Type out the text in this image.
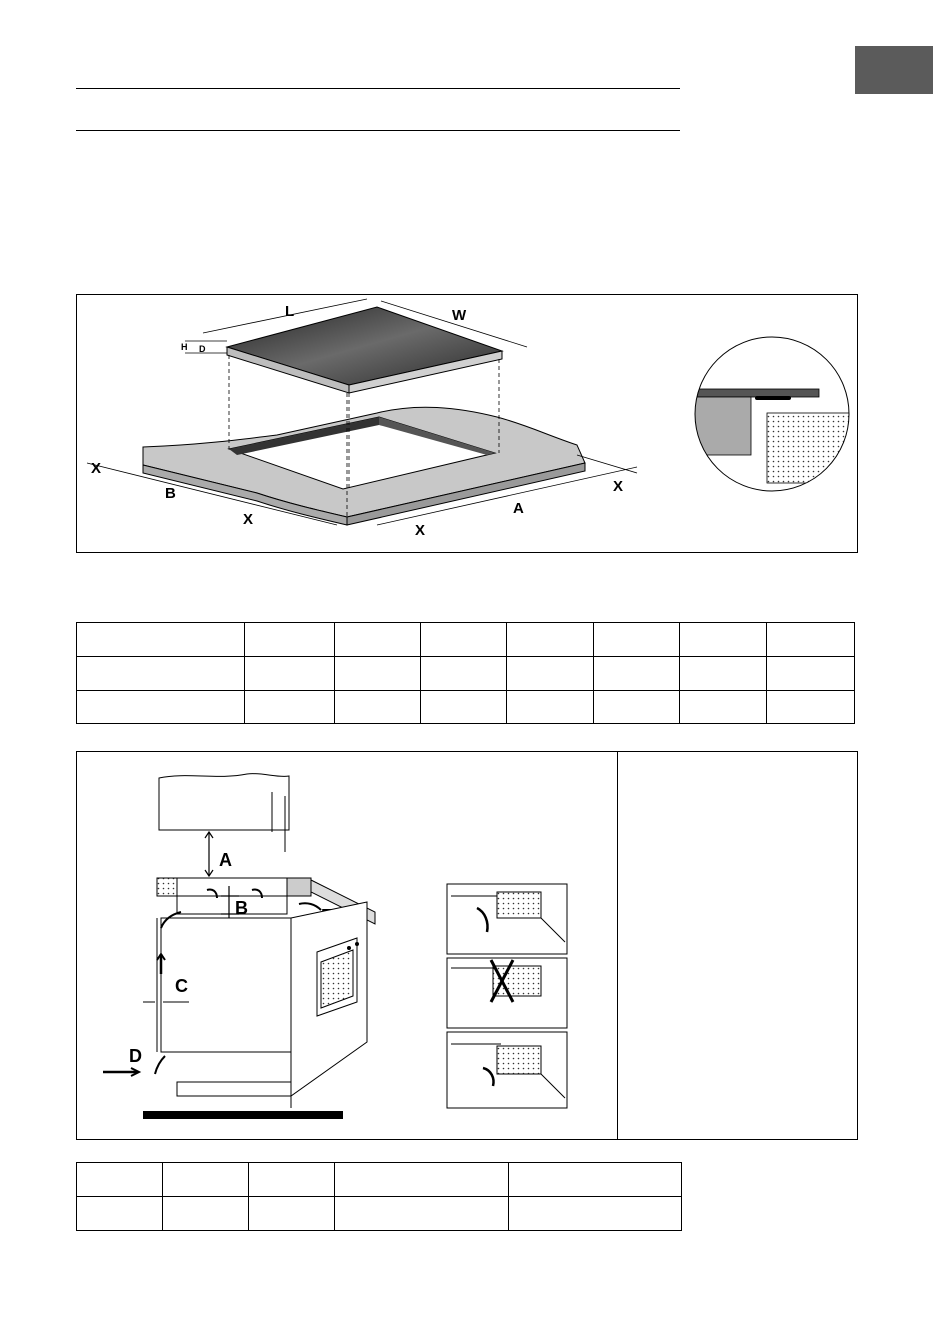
L	W
H D
X
B
X
X
A
X

A
B
C
D
